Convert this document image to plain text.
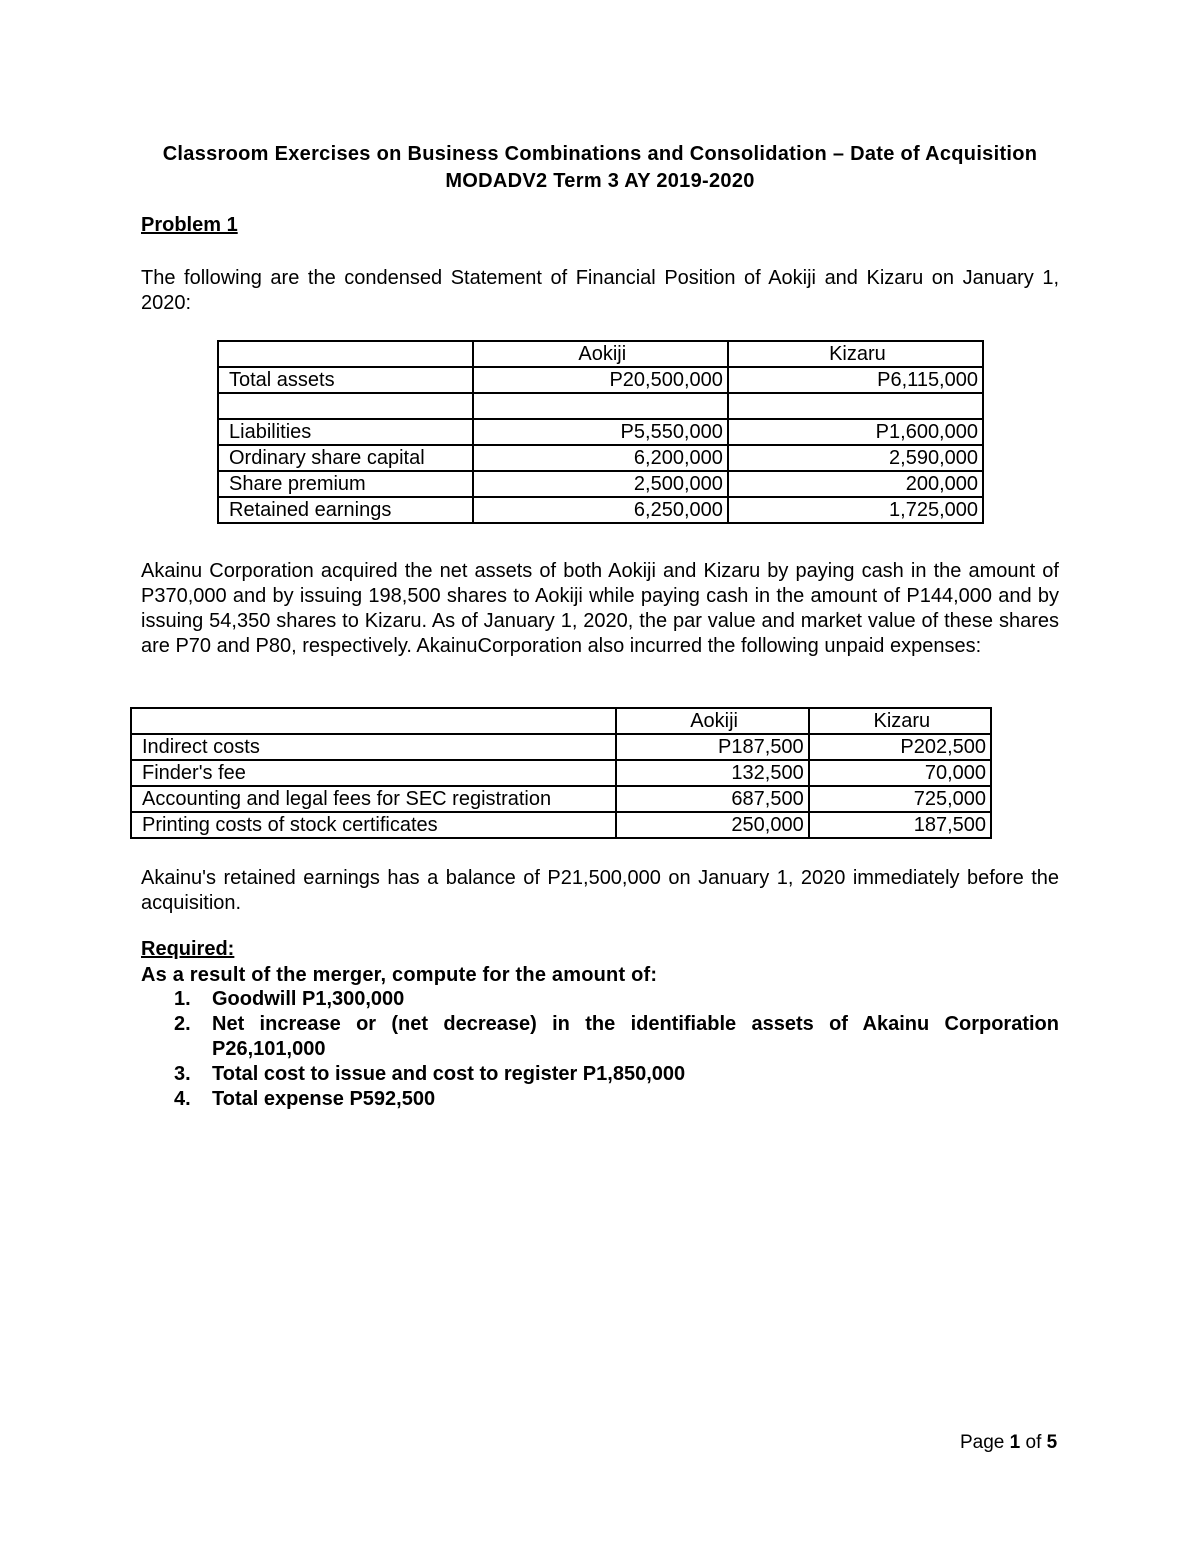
Classroom Exercises on Business Combinations and Consolidation – Date of Acquisition
MODADV2 Term 3 AY 2019-2020
Problem 1
The following are the condensed Statement of Financial Position of Aokiji and Kizaru on January 1, 2020:
	Aokiji	Kizaru
Total assets	P20,500,000	P6,115,000

Liabilities	P5,550,000	P1,600,000
Ordinary share capital	6,200,000	2,590,000
Share premium	2,500,000	200,000
Retained earnings	6,250,000	1,725,000
Akainu Corporation acquired the net assets of both Aokiji and Kizaru by paying cash in the amount of P370,000 and by issuing 198,500 shares to Aokiji while paying cash in the amount of P144,000 and by issuing 54,350 shares to Kizaru. As of January 1, 2020, the par value and market value of these shares are P70 and P80, respectively. AkainuCorporation also incurred the following unpaid expenses:
	Aokiji	Kizaru
Indirect costs	P187,500	P202,500
Finder's fee	132,500	70,000
Accounting and legal fees for SEC registration	687,500	725,000
Printing costs of stock certificates	250,000	187,500
Akainu's retained earnings has a balance of P21,500,000 on January 1, 2020 immediately before the acquisition.
Required:
As a result of the merger, compute for the amount of:
1. Goodwill P1,300,000
2. Net increase or (net decrease) in the identifiable assets of Akainu Corporation P26,101,000
3. Total cost to issue and cost to register P1,850,000
4. Total expense P592,500
Page 1 of 5
